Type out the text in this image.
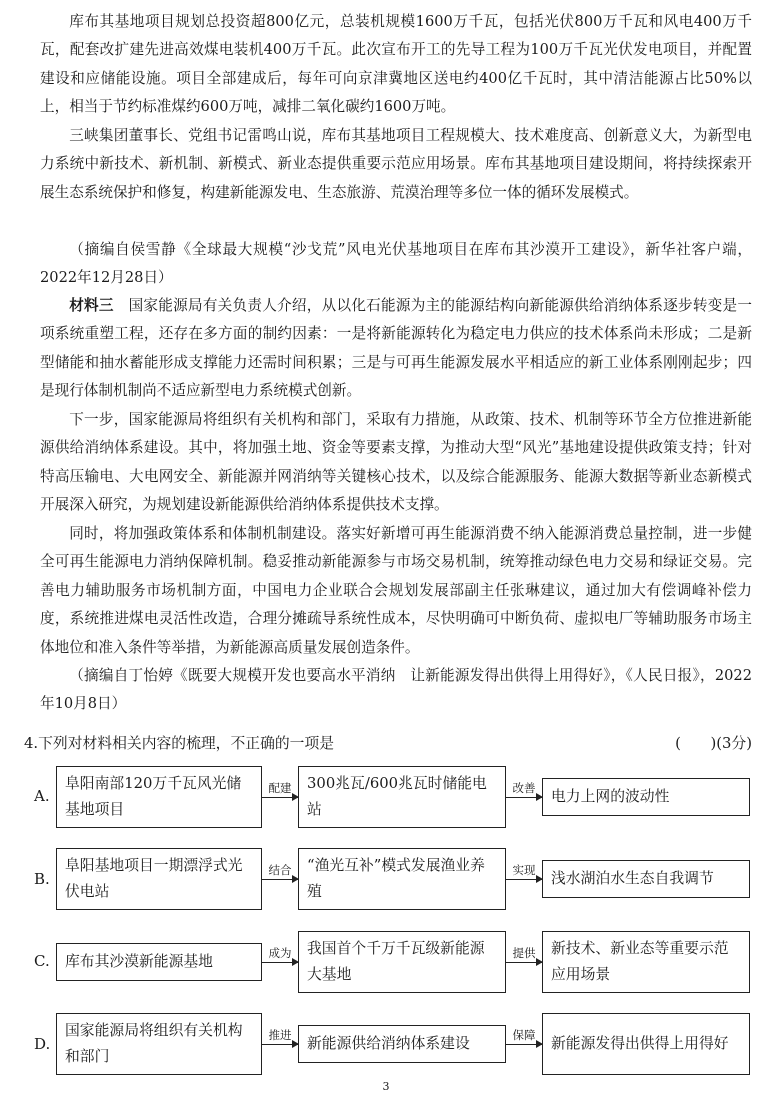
库布其基地项目规划总投资超800亿元，总装机规模1600万千瓦，包括光伏800万千瓦和风电400万千瓦，配套改扩建先进高效煤电装机400万千瓦。此次宣布开工的先导工程为100万千瓦光伏发电项目，并配置建设和应储能设施。项目全部建成后，每年可向京津冀地区送电约400亿千瓦时，其中清洁能源占比50%以上，相当于节约标准煤约600万吨，减排二氧化碳约1600万吨。

三峡集团董事长、党组书记雷鸣山说，库布其基地项目工程规模大、技术难度高、创新意义大，为新型电力系统中新技术、新机制、新模式、新业态提供重要示范应用场景。库布其基地项目建设期间，将持续探索开展生态系统保护和修复，构建新能源发电、生态旅游、荒漠治理等多位一体的循环发展模式。

（摘编自侯雪静《全球最大规模“沙戈荒”风电光伏基地项目在库布其沙漠开工建设》，新华社客户端，2022年12月28日）

材料三　国家能源局有关负责人介绍，从以化石能源为主的能源结构向新能源供给消纳体系逐步转变是一项系统重塑工程，还存在多方面的制约因素：一是将新能源转化为稳定电力供应的技术体系尚未形成；二是新型储能和抽水蓄能形成支撑能力还需时间积累；三是与可再生能源发展水平相适应的新工业体系刚刚起步；四是现行体制机制尚不适应新型电力系统模式创新。

下一步，国家能源局将组织有关机构和部门，采取有力措施，从政策、技术、机制等环节全方位推进新能源供给消纳体系建设。其中，将加强土地、资金等要素支撑，为推动大型“风光”基地建设提供政策支持；针对特高压输电、大电网安全、新能源并网消纳等关键核心技术，以及综合能源服务、能源大数据等新业态新模式开展深入研究，为规划建设新能源供给消纳体系提供技术支撑。

同时，将加强政策体系和体制机制建设。落实好新增可再生能源消费不纳入能源消费总量控制，进一步健全可再生能源电力消纳保障机制。稳妥推动新能源参与市场交易机制，统筹推动绿色电力交易和绿证交易。完善电力辅助服务市场机制方面，中国电力企业联合会规划发展部副主任张琳建议，通过加大有偿调峰补偿力度，系统推进煤电灵活性改造，合理分摊疏导系统性成本，尽快明确可中断负荷、虚拟电厂等辅助服务市场主体地位和准入条件等举措，为新能源高质量发展创造条件。

（摘编自丁怡婷《既要大规模开发也要高水平消纳　让新能源发得出供得上用得好》，《人民日报》，2022年10月8日）

4.下列对材料相关内容的梳理，不正确的一项是	(　　)(3分)
A.
阜阳南部120万千瓦风光储基地项目
配建	300兆瓦/600兆瓦时储能电站
改善	电力上网的波动性
B.
阜阳基地项目一期漂浮式光伏电站
结合	“渔光互补”模式发展渔业养殖
实现	浅水湖泊水生态自我调节
C.	库布其沙漠新能源基地	成为	我国首个千万千瓦级新能源大基地
提供	新技术、新业态等重要示范应用场景
D.
国家能源局将组织有关机构和部门
推进	新能源供给消纳体系建设	保障	新能源发得出供得上用得好
3
